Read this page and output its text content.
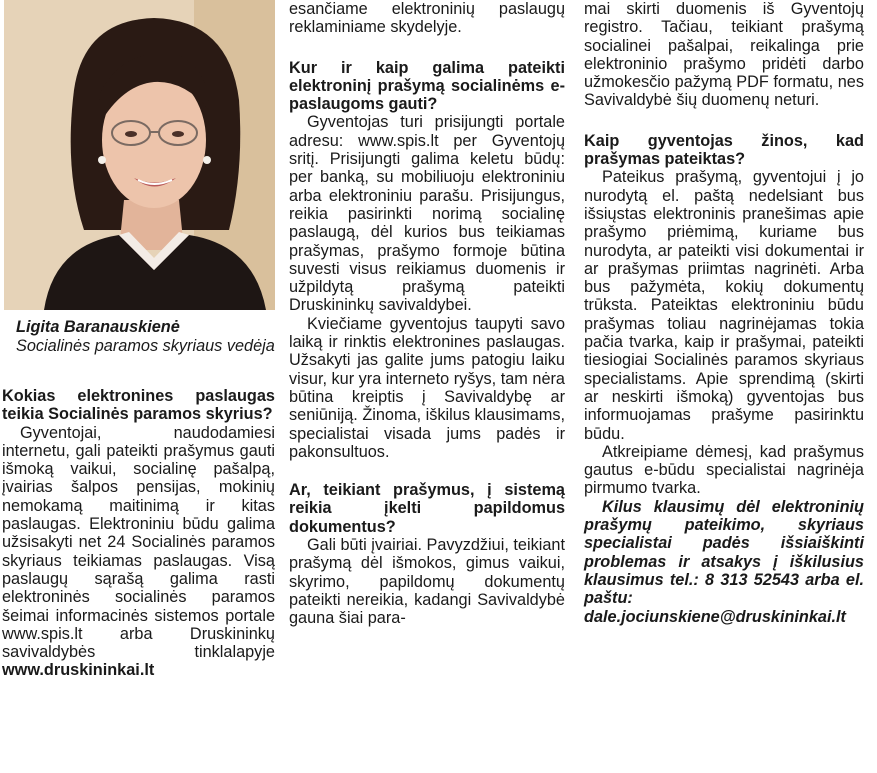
Ligita Baranauskienė
Socialinės paramos skyriaus vedėja
Kokias elektronines paslaugas teikia Socialinės paramos skyrius?

Gyventojai, naudodamiesi internetu, gali pateikti prašymus gauti išmoką vaikui, socialinę pašalpą, įvairias šalpos pensijas, mokinių nemokamą maitinimą ir kitas paslaugas. Elektroniniu būdu galima užsisakyti net 24 Socialinės paramos skyriaus teikiamas paslaugas. Visą paslaugų sąrašą galima rasti elektroninės socialinės paramos šeimai informacinės sistemos portale www.spis.lt arba Druskininkų savivaldybės tinklalapyje www.druskininkai.lt

esančiame elektroninių paslaugų reklaminiame skydelyje.

Kur ir kaip galima pateikti elektroninį prašymą socialinėms e-paslaugoms gauti?

Gyventojas turi prisijungti portale adresu: www.spis.lt per Gyventojų sritį. Prisijungti galima keletu būdų: per banką, su mobiliuoju elektroniniu arba elektroniniu parašu. Prisijungus, reikia pasirinkti norimą socialinę paslaugą, dėl kurios bus teikiamas prašymas, prašymo formoje būtina suvesti visus reikiamus duomenis ir užpildytą prašymą pateikti Druskininkų savivaldybei.

Kviečiame gyventojus taupyti savo laiką ir rinktis elektronines paslaugas. Užsakyti jas galite jums patogiu laiku visur, kur yra interneto ryšys, tam nėra būtina kreiptis į Savivaldybę ar seniūniją. Žinoma, iškilus klausimams, specialistai visada jums padės ir pakonsultuos.

Ar, teikiant prašymus, į sistemą reikia įkelti papildomus dokumentus?

Gali būti įvairiai. Pavyzdžiui, teikiant prašymą dėl išmokos, gimus vaikui, skyrimo, papildomų dokumentų pateikti nereikia, kadangi Savivaldybė gauna šiai para-

mai skirti duomenis iš Gyventojų registro. Tačiau, teikiant prašymą socialinei pašalpai, reikalinga prie elektroninio prašymo pridėti darbo užmokesčio pažymą PDF formatu, nes Savivaldybė šių duomenų neturi.

Kaip gyventojas žinos, kad prašymas pateiktas?

Pateikus prašymą, gyventojui į jo nurodytą el. paštą nedelsiant bus išsiųstas elektroninis pranešimas apie prašymo priėmimą, kuriame bus nurodyta, ar pateikti visi dokumentai ir ar prašymas priimtas nagrinėti. Arba bus pažymėta, kokių dokumentų trūksta. Pateiktas elektroniniu būdu prašymas toliau nagrinėjamas tokia pačia tvarka, kaip ir prašymai, pateikti tiesiogiai Socialinės paramos skyriaus specialistams. Apie sprendimą (skirti ar neskirti išmoką) gyventojas bus informuojamas prašyme pasirinktu būdu.

Atkreipiame dėmesį, kad prašymus gautus e-būdu specialistai nagrinėja pirmumo tvarka.

Kilus klausimų dėl elektroninių prašymų pateikimo, skyriaus specialistai padės išsiaiškinti problemas ir atsakys į iškilusius klausimus tel.: 8 313 52543 arba el. paštu: dale.jociunskiene@druskininkai.lt
